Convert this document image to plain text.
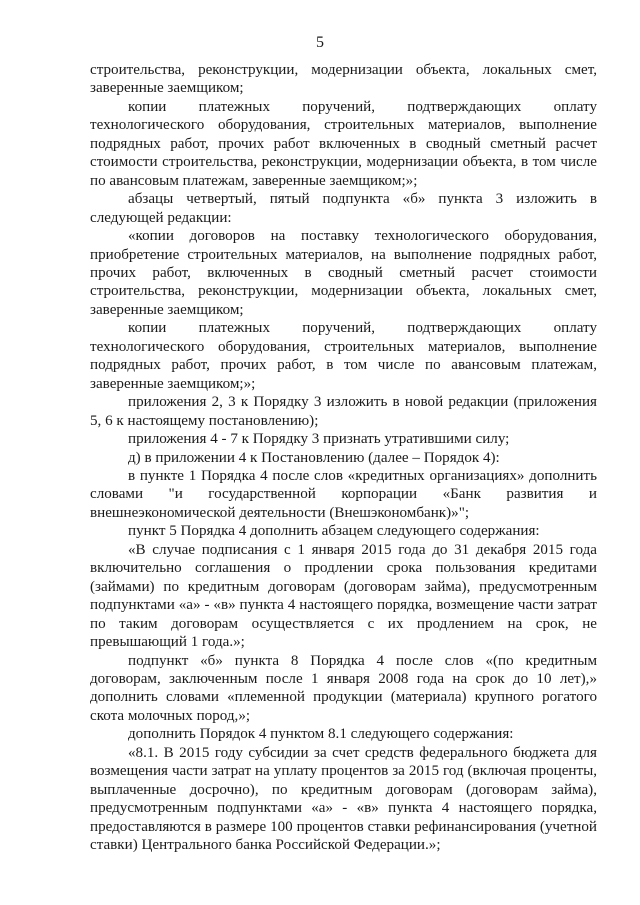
5

строительства, реконструкции, модернизации объекта, локальных смет, заверенные заемщиком;

копии платежных поручений, подтверждающих оплату технологического оборудования, строительных материалов, выполнение подрядных работ, прочих работ включенных в сводный сметный расчет стоимости строительства, реконструкции, модернизации объекта, в том числе по авансовым платежам, заверенные заемщиком;»;

абзацы четвертый, пятый подпункта «б» пункта 3 изложить в следующей редакции:

«копии договоров на поставку технологического оборудования, приобретение строительных материалов, на выполнение подрядных работ, прочих работ, включенных в сводный сметный расчет стоимости строительства, реконструкции, модернизации объекта, локальных смет, заверенные заемщиком;

копии платежных поручений, подтверждающих оплату технологического оборудования, строительных материалов, выполнение подрядных работ, прочих работ, в том числе по авансовым платежам, заверенные заемщиком;»;

приложения 2, 3 к Порядку 3 изложить в новой редакции (приложения 5, 6 к настоящему постановлению);

приложения 4 - 7 к Порядку 3 признать утратившими силу;

д) в приложении 4 к Постановлению (далее – Порядок 4):

в пункте 1 Порядка 4 после слов «кредитных организациях» дополнить словами "и государственной корпорации «Банк развития и внешнеэкономической деятельности (Внешэкономбанк)»";

пункт 5 Порядка 4 дополнить абзацем следующего содержания:

«В случае подписания с 1 января 2015 года до 31 декабря 2015 года включительно соглашения о продлении срока пользования кредитами (займами) по кредитным договорам (договорам займа), предусмотренным подпунктами «а» - «в» пункта 4 настоящего порядка, возмещение части затрат по таким договорам осуществляется с их продлением на срок, не превышающий 1 года.»;

подпункт «б» пункта 8 Порядка 4 после слов «(по кредитным договорам, заключенным после 1 января 2008 года на срок до 10 лет),» дополнить словами «племенной продукции (материала) крупного рогатого скота молочных пород,»;

дополнить Порядок 4 пунктом 8.1 следующего содержания:

«8.1. В 2015 году субсидии за счет средств федерального бюджета для возмещения части затрат на уплату процентов за 2015 год (включая проценты, выплаченные досрочно), по кредитным договорам (договорам займа), предусмотренным подпунктами «а» - «в» пункта 4 настоящего порядка, предоставляются в размере 100 процентов ставки рефинансирования (учетной ставки) Центрального банка Российской Федерации.»;
